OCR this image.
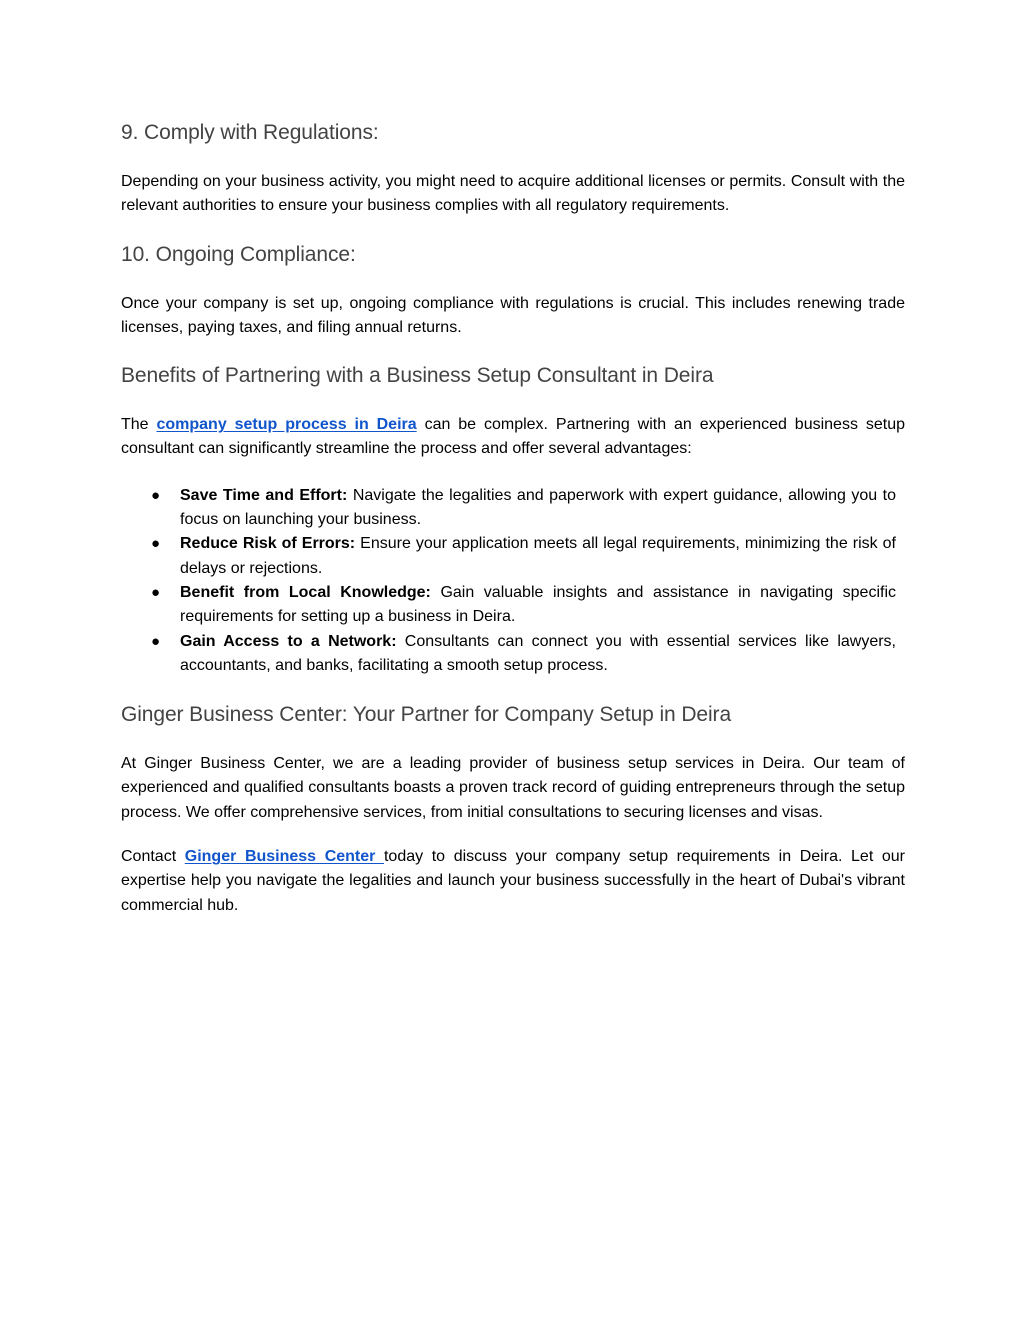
9. Comply with Regulations:

Depending on your business activity, you might need to acquire additional licenses or permits. Consult with the relevant authorities to ensure your business complies with all regulatory requirements.

10. Ongoing Compliance:

Once your company is set up, ongoing compliance with regulations is crucial. This includes renewing trade licenses, paying taxes, and filing annual returns.

Benefits of Partnering with a Business Setup Consultant in Deira

The company setup process in Deira can be complex. Partnering with an experienced business setup consultant can significantly streamline the process and offer several advantages:

● Save Time and Effort: Navigate the legalities and paperwork with expert guidance, allowing you to focus on launching your business.
● Reduce Risk of Errors: Ensure your application meets all legal requirements, minimizing the risk of delays or rejections.
● Benefit from Local Knowledge: Gain valuable insights and assistance in navigating specific requirements for setting up a business in Deira.
● Gain Access to a Network: Consultants can connect you with essential services like lawyers, accountants, and banks, facilitating a smooth setup process.
Ginger Business Center: Your Partner for Company Setup in Deira

At Ginger Business Center, we are a leading provider of business setup services in Deira. Our team of experienced and qualified consultants boasts a proven track record of guiding entrepreneurs through the setup process. We offer comprehensive services, from initial consultations to securing licenses and visas.

Contact Ginger Business Center today to discuss your company setup requirements in Deira. Let our expertise help you navigate the legalities and launch your business successfully in the heart of Dubai's vibrant commercial hub.
